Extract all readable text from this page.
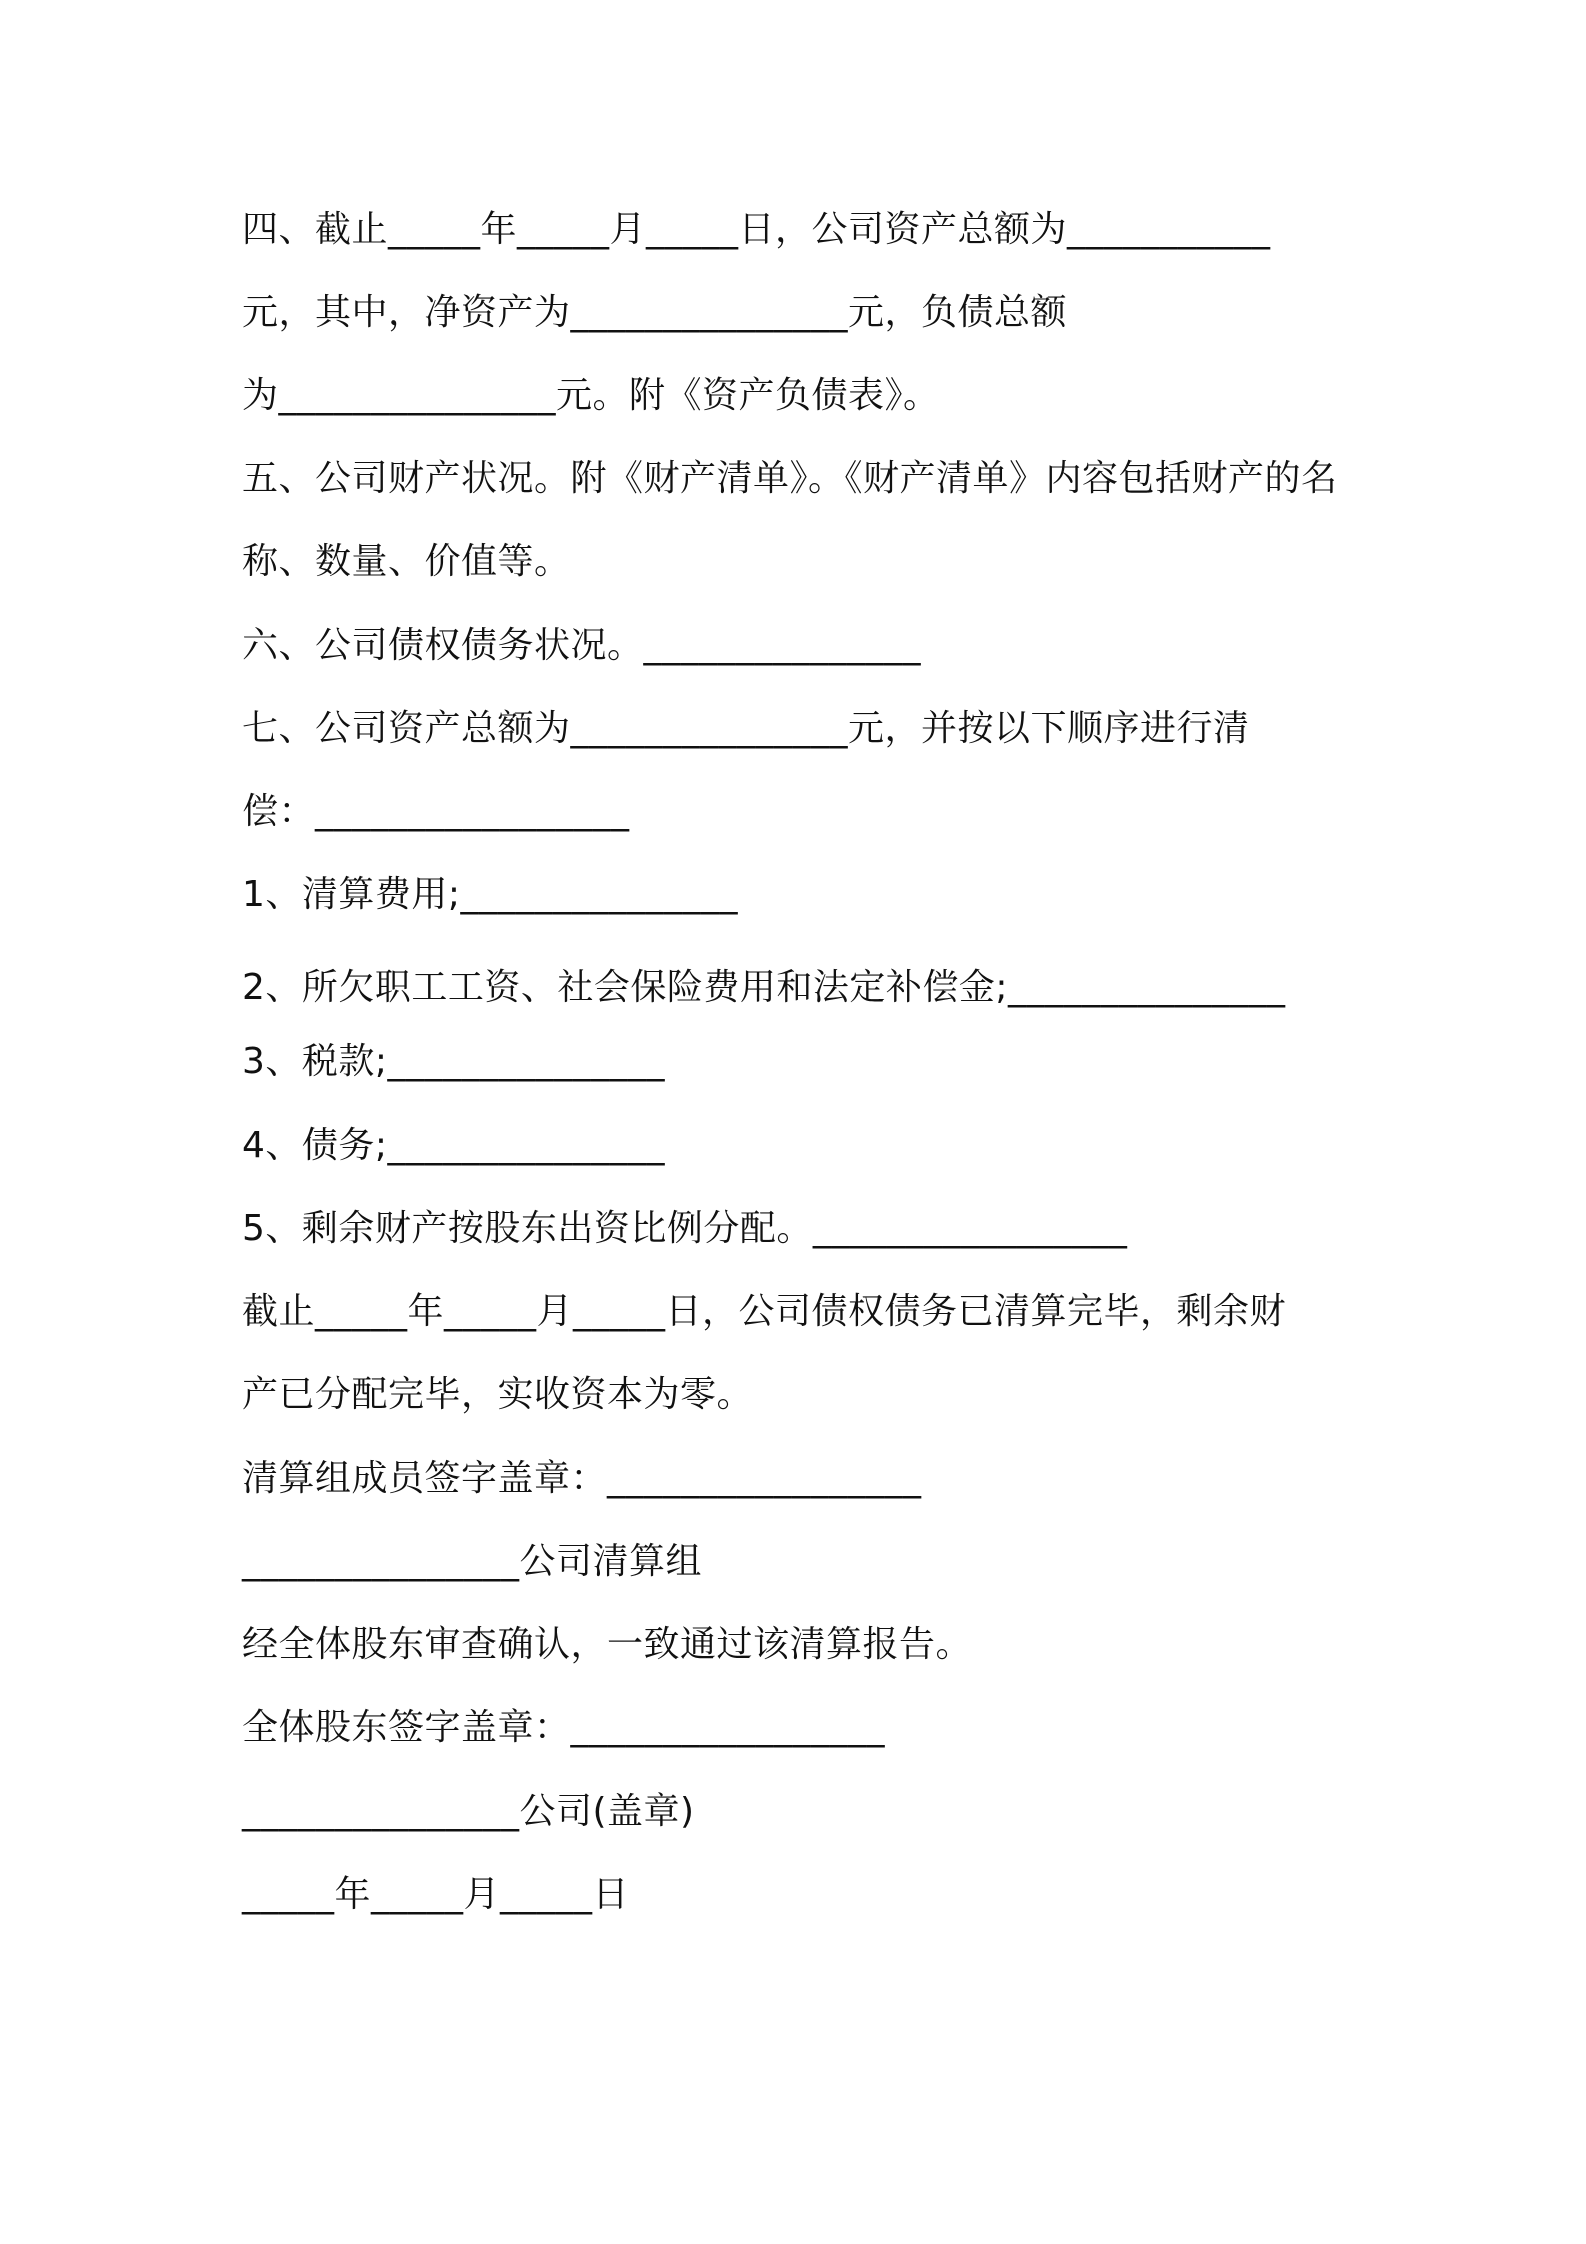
四、截止_____年_____月_____日，公司资产总额为___________
元，其中，净资产为_______________元，负债总额
为_______________元。附《资产负债表》。
五、公司财产状况。附《财产清单》。《财产清单》内容包括财产的名
称、数量、价值等。
六、公司债权债务状况。_______________
七、公司资产总额为_______________元，并按以下顺序进行清
偿：_________________
1、清算费用;_______________
2、所欠职工工资、社会保险费用和法定补偿金;_______________
3、税款;_______________
4、债务;_______________
5、剩余财产按股东出资比例分配。_________________
截止_____年_____月_____日，公司债权债务已清算完毕，剩余财
产已分配完毕，实收资本为零。
清算组成员签字盖章：_________________
_______________公司清算组
经全体股东审查确认，一致通过该清算报告。
全体股东签字盖章：_________________
_______________公司(盖章)
_____年_____月_____日
